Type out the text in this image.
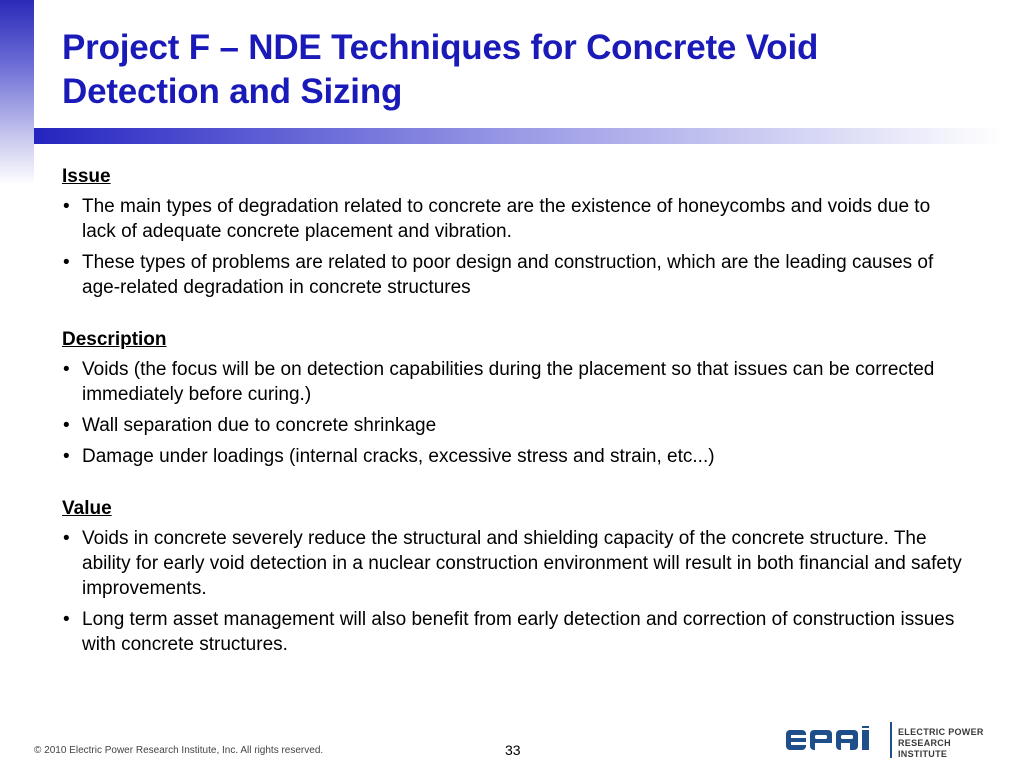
Project F – NDE Techniques for Concrete Void
Detection and Sizing
Issue
• The main types of degradation related to concrete are the existence of honeycombs and voids due to lack of adequate concrete placement and vibration.
• These types of problems are related to poor design and construction, which are the leading causes of age-related degradation in concrete structures
Description
• Voids (the focus will be on detection capabilities during the placement so that issues can be corrected immediately before curing.)
• Wall separation due to concrete shrinkage
• Damage under loadings (internal cracks, excessive stress and strain, etc...)
Value
• Voids in concrete severely reduce the structural and shielding capacity of the concrete structure. The ability for early void detection in a nuclear construction environment will result in both financial and safety improvements.
• Long term asset management will also benefit from early detection and correction of construction issues with concrete structures.
© 2010 Electric Power Research Institute, Inc. All rights reserved.	33
ELECTRIC POWER
RESEARCH INSTITUTE
